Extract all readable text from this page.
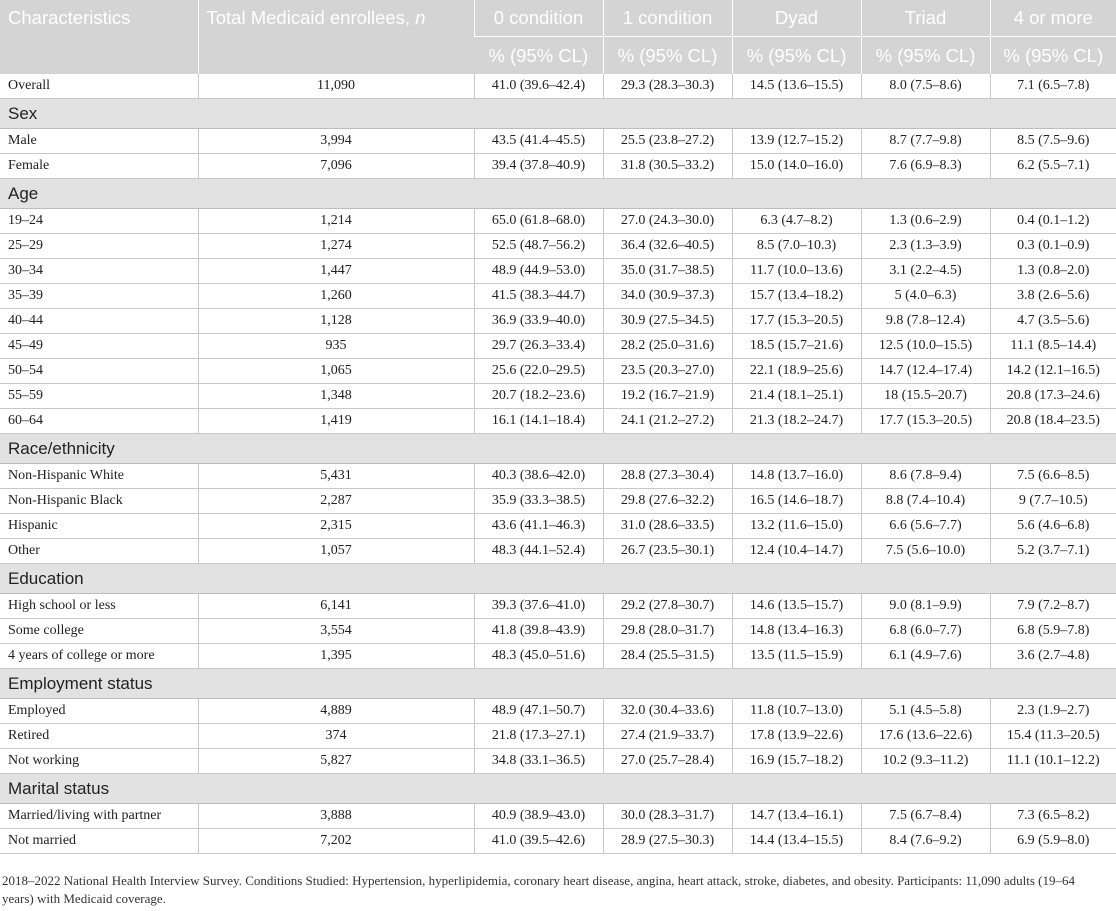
Characteristics	Total Medicaid enrollees, n	0 condition	1 condition	Dyad	Triad	4 or more
		% (95% CL)	% (95% CL)	% (95% CL)	% (95% CL)	% (95% CL)
Overall	11,090	41.0 (39.6–42.4)	29.3 (28.3–30.3)	14.5 (13.6–15.5)	8.0 (7.5–8.6)	7.1 (6.5–7.8)
Sex						
Male	3,994	43.5 (41.4–45.5)	25.5 (23.8–27.2)	13.9 (12.7–15.2)	8.7 (7.7–9.8)	8.5 (7.5–9.6)
Female	7,096	39.4 (37.8–40.9)	31.8 (30.5–33.2)	15.0 (14.0–16.0)	7.6 (6.9–8.3)	6.2 (5.5–7.1)
Age						
19–24	1,214	65.0 (61.8–68.0)	27.0 (24.3–30.0)	6.3 (4.7–8.2)	1.3 (0.6–2.9)	0.4 (0.1–1.2)
25–29	1,274	52.5 (48.7–56.2)	36.4 (32.6–40.5)	8.5 (7.0–10.3)	2.3 (1.3–3.9)	0.3 (0.1–0.9)
30–34	1,447	48.9 (44.9–53.0)	35.0 (31.7–38.5)	11.7 (10.0–13.6)	3.1 (2.2–4.5)	1.3 (0.8–2.0)
35–39	1,260	41.5 (38.3–44.7)	34.0 (30.9–37.3)	15.7 (13.4–18.2)	5 (4.0–6.3)	3.8 (2.6–5.6)
40–44	1,128	36.9 (33.9–40.0)	30.9 (27.5–34.5)	17.7 (15.3–20.5)	9.8 (7.8–12.4)	4.7 (3.5–5.6)
45–49	935	29.7 (26.3–33.4)	28.2 (25.0–31.6)	18.5 (15.7–21.6)	12.5 (10.0–15.5)	11.1 (8.5–14.4)
50–54	1,065	25.6 (22.0–29.5)	23.5 (20.3–27.0)	22.1 (18.9–25.6)	14.7 (12.4–17.4)	14.2 (12.1–16.5)
55–59	1,348	20.7 (18.2–23.6)	19.2 (16.7–21.9)	21.4 (18.1–25.1)	18 (15.5–20.7)	20.8 (17.3–24.6)
60–64	1,419	16.1 (14.1–18.4)	24.1 (21.2–27.2)	21.3 (18.2–24.7)	17.7 (15.3–20.5)	20.8 (18.4–23.5)
Race/ethnicity						
Non-Hispanic White	5,431	40.3 (38.6–42.0)	28.8 (27.3–30.4)	14.8 (13.7–16.0)	8.6 (7.8–9.4)	7.5 (6.6–8.5)
Non-Hispanic Black	2,287	35.9 (33.3–38.5)	29.8 (27.6–32.2)	16.5 (14.6–18.7)	8.8 (7.4–10.4)	9 (7.7–10.5)
Hispanic	2,315	43.6 (41.1–46.3)	31.0 (28.6–33.5)	13.2 (11.6–15.0)	6.6 (5.6–7.7)	5.6 (4.6–6.8)
Other	1,057	48.3 (44.1–52.4)	26.7 (23.5–30.1)	12.4 (10.4–14.7)	7.5 (5.6–10.0)	5.2 (3.7–7.1)
Education						
High school or less	6,141	39.3 (37.6–41.0)	29.2 (27.8–30.7)	14.6 (13.5–15.7)	9.0 (8.1–9.9)	7.9 (7.2–8.7)
Some college	3,554	41.8 (39.8–43.9)	29.8 (28.0–31.7)	14.8 (13.4–16.3)	6.8 (6.0–7.7)	6.8 (5.9–7.8)
4 years of college or more	1,395	48.3 (45.0–51.6)	28.4 (25.5–31.5)	13.5 (11.5–15.9)	6.1 (4.9–7.6)	3.6 (2.7–4.8)
Employment status						
Employed	4,889	48.9 (47.1–50.7)	32.0 (30.4–33.6)	11.8 (10.7–13.0)	5.1 (4.5–5.8)	2.3 (1.9–2.7)
Retired	374	21.8 (17.3–27.1)	27.4 (21.9–33.7)	17.8 (13.9–22.6)	17.6 (13.6–22.6)	15.4 (11.3–20.5)
Not working	5,827	34.8 (33.1–36.5)	27.0 (25.7–28.4)	16.9 (15.7–18.2)	10.2 (9.3–11.2)	11.1 (10.1–12.2)
Marital status						
Married/living with partner	3,888	40.9 (38.9–43.0)	30.0 (28.3–31.7)	14.7 (13.4–16.1)	7.5 (6.7–8.4)	7.3 (6.5–8.2)
Not married	7,202	41.0 (39.5–42.6)	28.9 (27.5–30.3)	14.4 (13.4–15.5)	8.4 (7.6–9.2)	6.9 (5.9–8.0)
2018–2022 National Health Interview Survey. Conditions Studied: Hypertension, hyperlipidemia, coronary heart disease, angina, heart attack, stroke, diabetes, and obesity. Participants: 11,090 adults (19–64 years) with Medicaid coverage.
